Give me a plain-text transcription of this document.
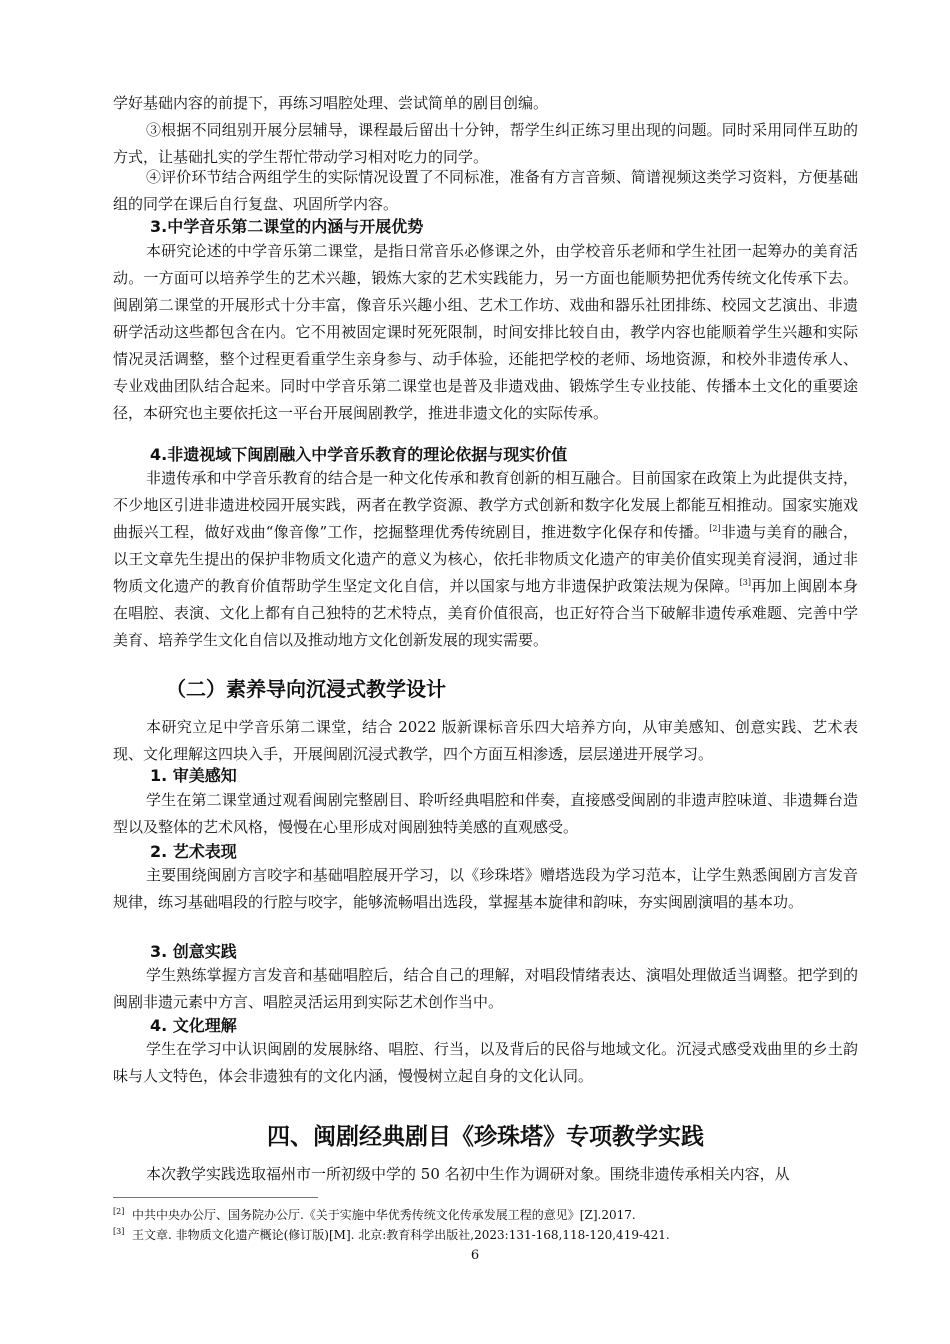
学好基础内容的前提下，再练习唱腔处理、尝试简单的剧目创编。

③根据不同组别开展分层辅导，课程最后留出十分钟，帮学生纠正练习里出现的问题。同时采用同伴互助的方式，让基础扎实的学生帮忙带动学习相对吃力的同学。

④评价环节结合两组学生的实际情况设置了不同标准，准备有方言音频、简谱视频这类学习资料，方便基础组的同学在课后自行复盘、巩固所学内容。

3.中学音乐第二课堂的内涵与开展优势

本研究论述的中学音乐第二课堂，是指日常音乐必修课之外，由学校音乐老师和学生社团一起筹办的美育活动。一方面可以培养学生的艺术兴趣，锻炼大家的艺术实践能力，另一方面也能顺势把优秀传统文化传承下去。闽剧第二课堂的开展形式十分丰富，像音乐兴趣小组、艺术工作坊、戏曲和器乐社团排练、校园文艺演出、非遗研学活动这些都包含在内。它不用被固定课时死死限制，时间安排比较自由，教学内容也能顺着学生兴趣和实际情况灵活调整，整个过程更看重学生亲身参与、动手体验，还能把学校的老师、场地资源，和校外非遗传承人、专业戏曲团队结合起来。同时中学音乐第二课堂也是普及非遗戏曲、锻炼学生专业技能、传播本土文化的重要途径，本研究也主要依托这一平台开展闽剧教学，推进非遗文化的实际传承。

4.非遗视域下闽剧融入中学音乐教育的理论依据与现实价值

非遗传承和中学音乐教育的结合是一种文化传承和教育创新的相互融合。目前国家在政策上为此提供支持，不少地区引进非遗进校园开展实践，两者在教学资源、教学方式创新和数字化发展上都能互相推动。国家实施戏曲振兴工程，做好戏曲“像音像”工作，挖掘整理优秀传统剧目，推进数字化保存和传播。[2]非遗与美育的融合，以王文章先生提出的保护非物质文化遗产的意义为核心，依托非物质文化遗产的审美价值实现美育浸润，通过非物质文化遗产的教育价值帮助学生坚定文化自信，并以国家与地方非遗保护政策法规为保障。[3]再加上闽剧本身在唱腔、表演、文化上都有自己独特的艺术特点，美育价值很高，也正好符合当下破解非遗传承难题、完善中学美育、培养学生文化自信以及推动地方文化创新发展的现实需要。

（二）素养导向沉浸式教学设计

本研究立足中学音乐第二课堂，结合 2022 版新课标音乐四大培养方向，从审美感知、创意实践、艺术表现、文化理解这四块入手，开展闽剧沉浸式教学，四个方面互相渗透，层层递进开展学习。

1. 审美感知

学生在第二课堂通过观看闽剧完整剧目、聆听经典唱腔和伴奏，直接感受闽剧的非遗声腔味道、非遗舞台造型以及整体的艺术风格，慢慢在心里形成对闽剧独特美感的直观感受。

2. 艺术表现

主要围绕闽剧方言咬字和基础唱腔展开学习，以《珍珠塔》赠塔选段为学习范本，让学生熟悉闽剧方言发音规律，练习基础唱段的行腔与咬字，能够流畅唱出选段，掌握基本旋律和韵味，夯实闽剧演唱的基本功。

3. 创意实践

学生熟练掌握方言发音和基础唱腔后，结合自己的理解，对唱段情绪表达、演唱处理做适当调整。把学到的闽剧非遗元素中方言、唱腔灵活运用到实际艺术创作当中。

4. 文化理解

学生在学习中认识闽剧的发展脉络、唱腔、行当，以及背后的民俗与地域文化。沉浸式感受戏曲里的乡土韵味与人文特色，体会非遗独有的文化内涵，慢慢树立起自身的文化认同。

四、闽剧经典剧目《珍珠塔》专项教学实践

本次教学实践选取福州市一所初级中学的 50 名初中生作为调研对象。围绕非遗传承相关内容，从

[2] 中共中央办公厅、国务院办公厅.《关于实施中华优秀传统文化传承发展工程的意见》[Z].2017.

[3] 王文章. 非物质文化遗产概论(修订版)[M]. 北京:教育科学出版社,2023:131-168,118-120,419-421.

6
